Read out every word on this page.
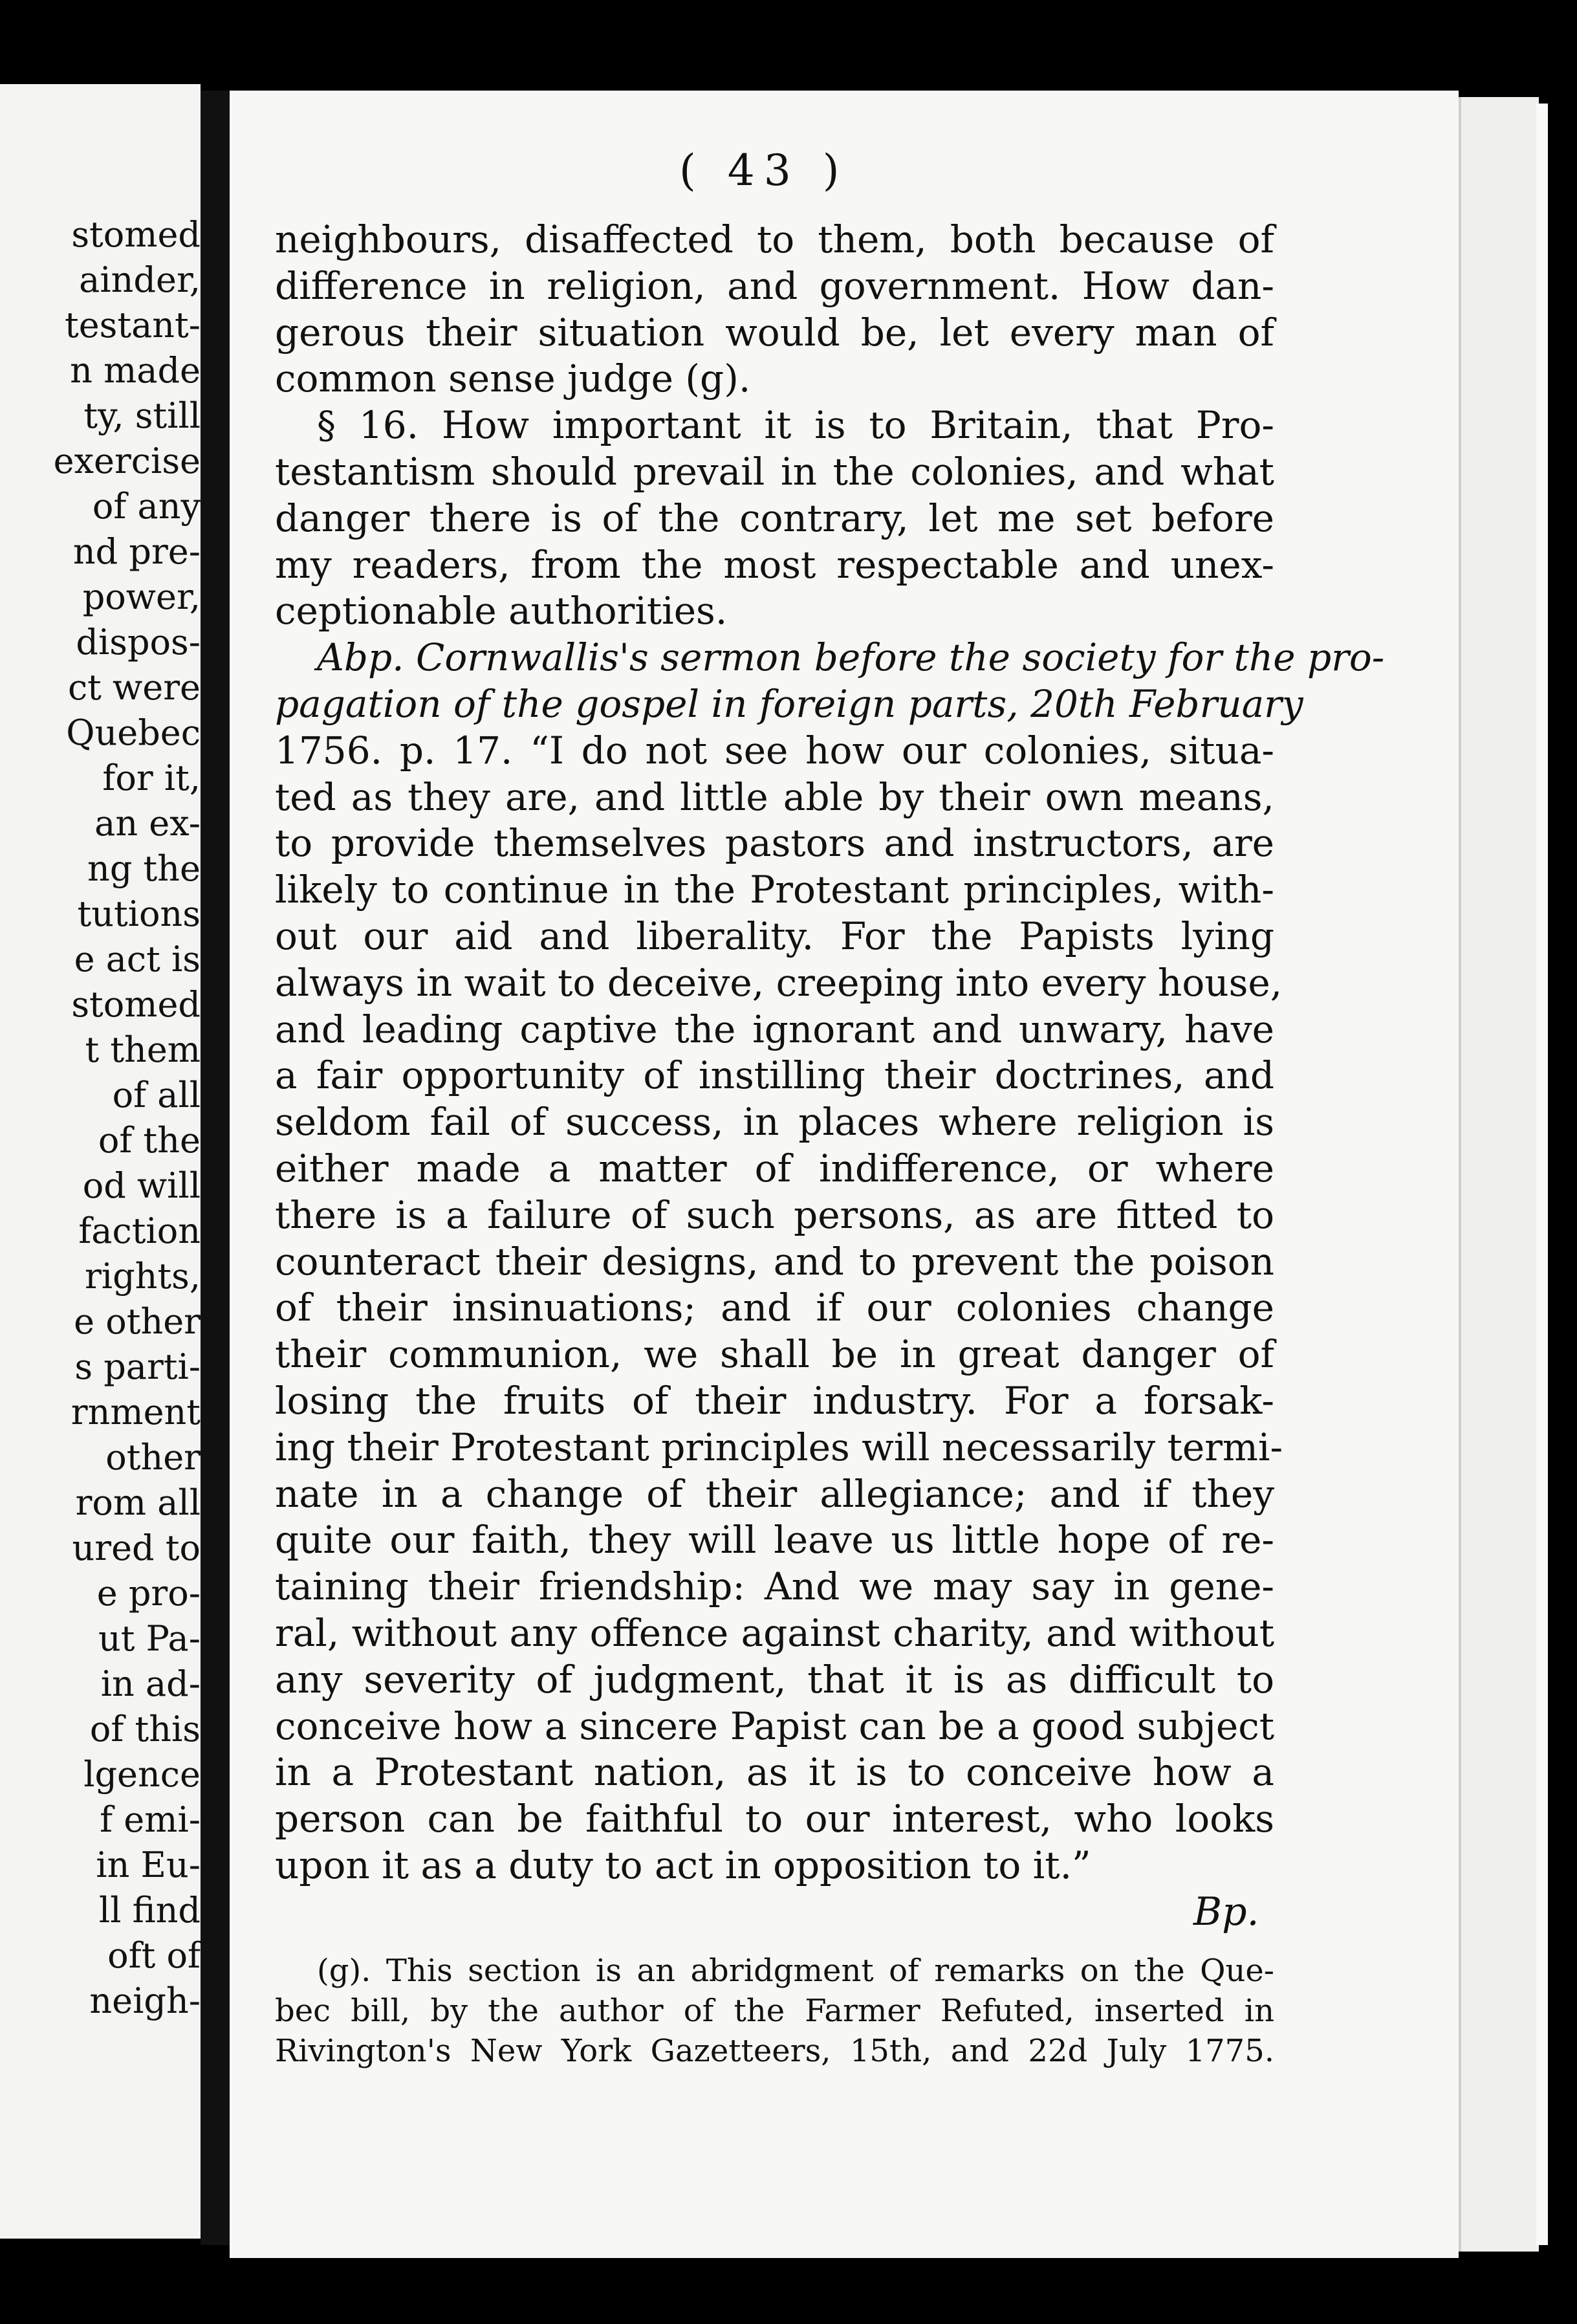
stomed
ainder,
testant-
n made
ty, still
exercise
of any
nd pre-
power,
dispos-
ct were
Quebec
for it,
an ex-
ng the
tutions
e act is
stomed
t them
of all
of the
od will
faction
rights,
e other
s parti-
rnment
other
rom all
ured to
e pro-
ut Pa-
in ad-
of this
lgence
f emi-
in Eu-
ll find
oft of
neigh-
( 43 )
neighbours, disaffected to them, both because of
difference in religion, and government. How dan-
gerous their situation would be, let every man of
common sense judge (g).
§ 16. How important it is to Britain, that Pro-
testantism should prevail in the colonies, and what
danger there is of the contrary, let me set before
my readers, from the most respectable and unex-
ceptionable authorities.
Abp. Cornwallis's sermon before the society for the pro-
pagation of the gospel in foreign parts, 20th February
1756. p. 17. “I do not see how our colonies, situa-
ted as they are, and little able by their own means,
to provide themselves pastors and instructors, are
likely to continue in the Protestant principles, with-
out our aid and liberality. For the Papists lying
always in wait to deceive, creeping into every house,
and leading captive the ignorant and unwary, have
a fair opportunity of instilling their doctrines, and
seldom fail of success, in places where religion is
either made a matter of indifference, or where
there is a failure of such persons, as are fitted to
counteract their designs, and to prevent the poison
of their insinuations; and if our colonies change
their communion, we shall be in great danger of
losing the fruits of their industry. For a forsak-
ing their Protestant principles will necessarily termi-
nate in a change of their allegiance; and if they
quite our faith, they will leave us little hope of re-
taining their friendship: And we may say in gene-
ral, without any offence against charity, and without
any severity of judgment, that it is as difficult to
conceive how a sincere Papist can be a good subject
in a Protestant nation, as it is to conceive how a
person can be faithful to our interest, who looks
upon it as a duty to act in opposition to it.”
Bp.
(g). This section is an abridgment of remarks on the Que-
bec bill, by the author of the Farmer Refuted, inserted in
Rivington's New York Gazetteers, 15th, and 22d July 1775.
